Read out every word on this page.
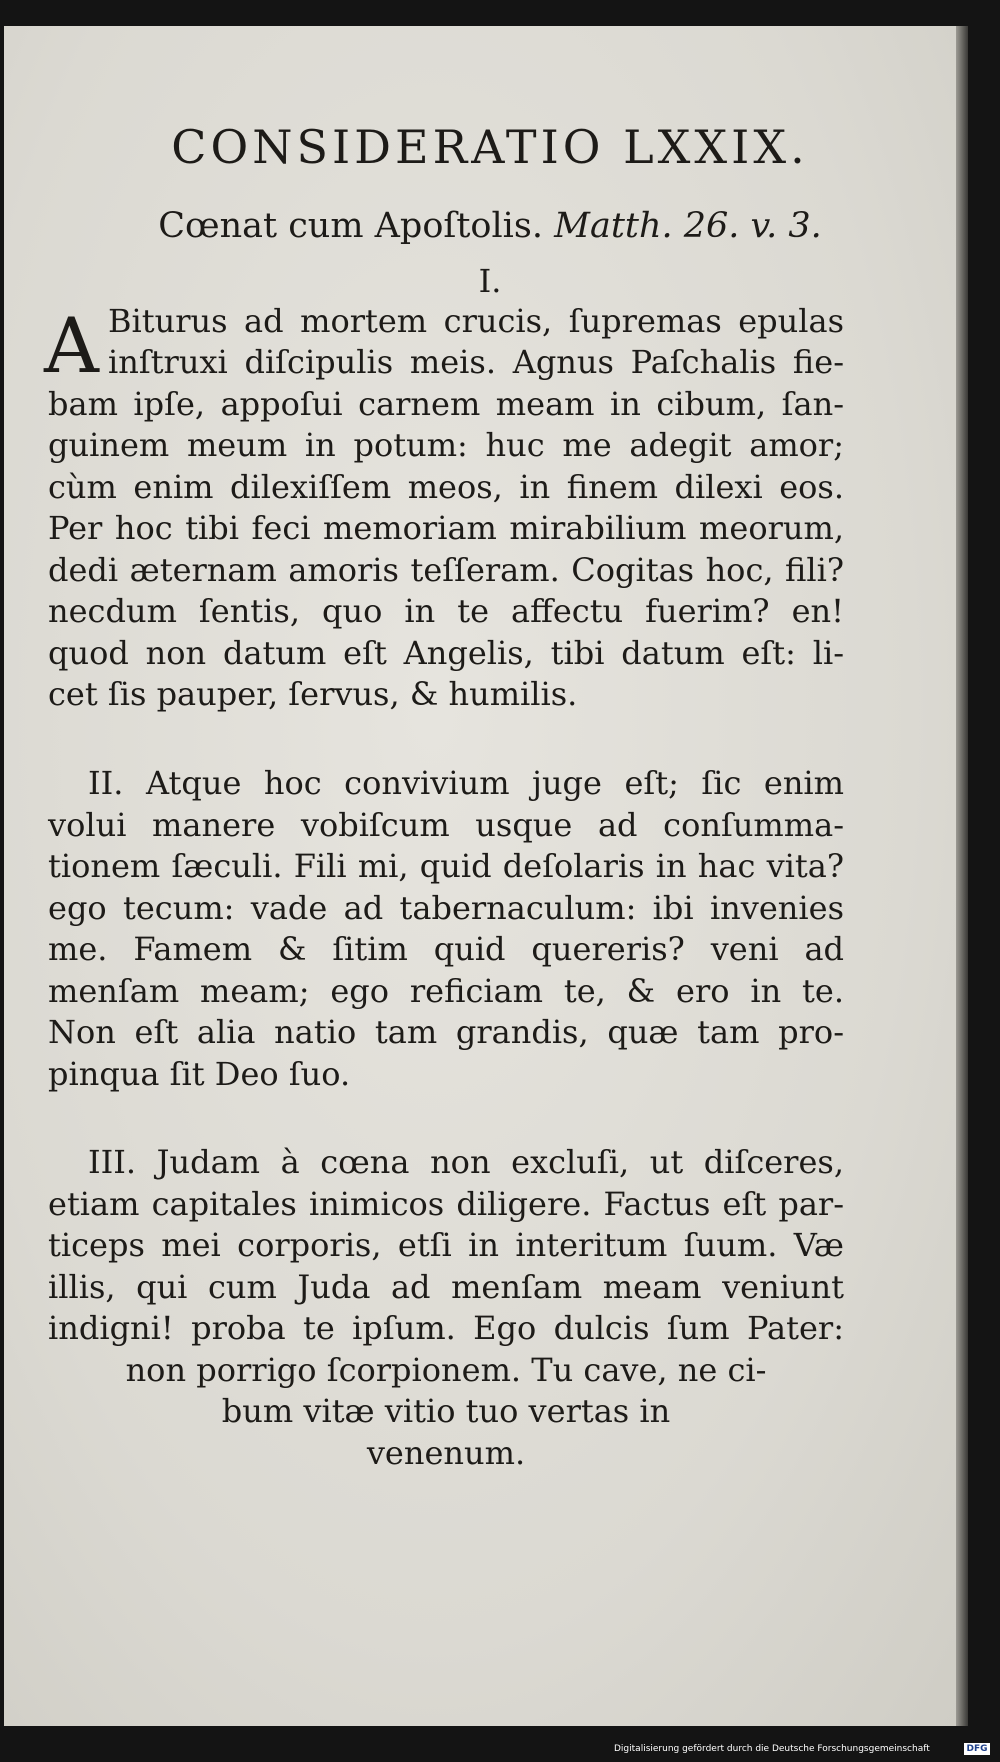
CONSIDERATIO LXXIX.
Cœnat cum Apoſtolis. Matth. 26. v. 3.
I.
A Biturus ad mortem crucis, ſupremas epulas
inſtruxi diſcipulis meis. Agnus Paſchalis fie-
bam ipſe, appoſui carnem meam in cibum, ſan-
guinem meum in potum: huc me adegit amor;
cùm enim dilexiſſem meos, in finem dilexi eos.
Per hoc tibi feci memoriam mirabilium meorum,
dedi æternam amoris teſſeram. Cogitas hoc, fili?
necdum ſentis, quo in te affectu fuerim? en!
quod non datum eſt Angelis, tibi datum eſt: li-
cet ſis pauper, ſervus, & humilis.
II. Atque hoc convivium juge eſt; ſic enim
volui manere vobiſcum usque ad conſumma-
tionem ſæculi. Fili mi, quid deſolaris in hac vita?
ego tecum: vade ad tabernaculum: ibi invenies
me. Famem & ſitim quid quereris? veni ad
menſam meam; ego reficiam te, & ero in te.
Non eſt alia natio tam grandis, quæ tam pro-
pinqua ſit Deo ſuo.
III. Judam à cœna non excluſi, ut diſceres,
etiam capitales inimicos diligere. Factus eſt par-
ticeps mei corporis, etſi in interitum ſuum. Væ
illis, qui cum Juda ad menſam meam veniunt
indigni! proba te ipſum. Ego dulcis ſum Pater:
non porrigo ſcorpionem. Tu cave, ne ci-
bum vitæ vitio tuo vertas in
venenum.
Digitalisierung gefördert durch die Deutsche Forschungsgemeinschaft	DFG
